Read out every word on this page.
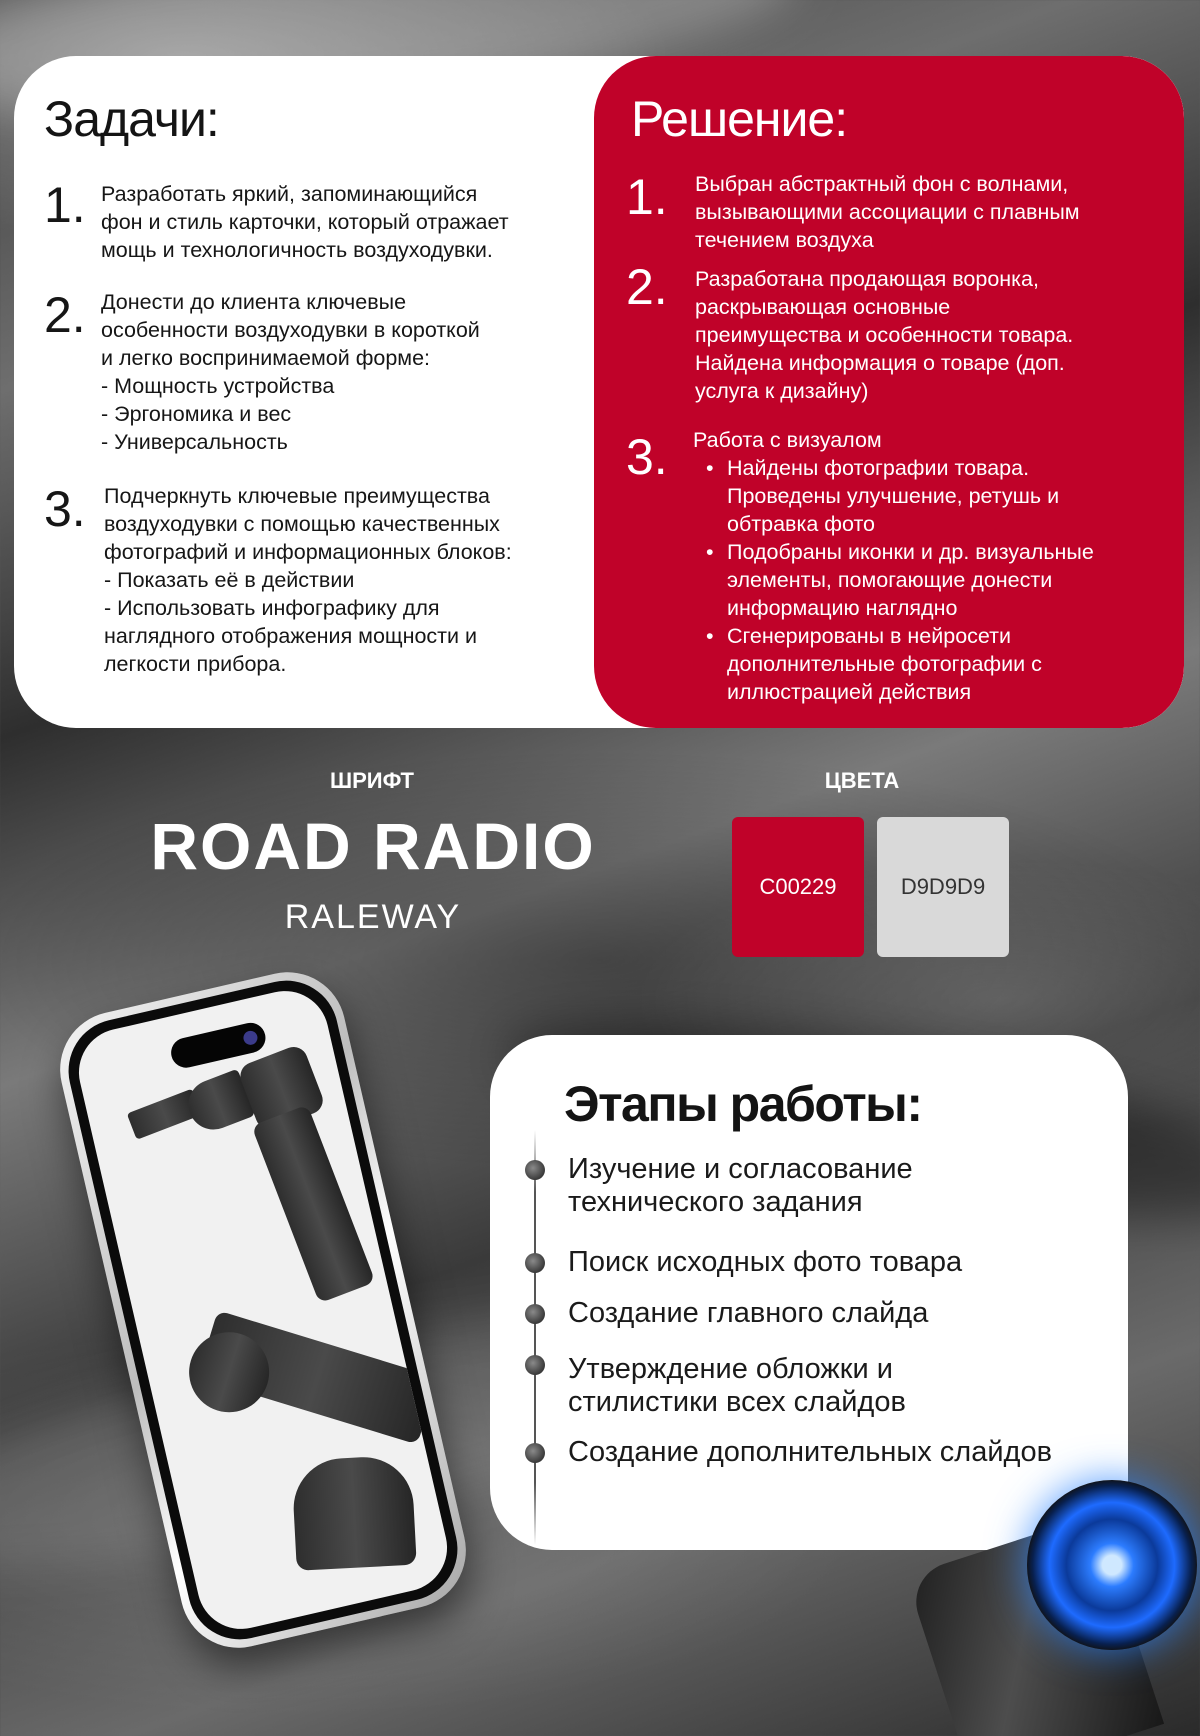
Задачи:
1. Разработать яркий, запоминающийся
фон и стиль карточки, который отражает
мощь и технологичность воздуходувки.
2. Донести до клиента ключевые
особенности воздуходувки в короткой
и легко воспринимаемой форме:
- Мощность устройства
- Эргономика и вес
- Универсальность
3. Подчеркнуть ключевые преимущества
воздуходувки с помощью качественных
фотографий и информационных блоков:
- Показать её в действии
- Использовать инфографику для
наглядного отображения мощности и
легкости прибора.
Решение:
1. Выбран абстрактный фон с волнами,
вызывающими ассоциации с плавным
течением воздуха
2. Разработана продающая воронка,
раскрывающая основные
преимущества и особенности товара.
Найдена информация о товаре (доп.
услуга к дизайну)
3. Работа с визуалом
• Найдены фотографии товара.
Проведены улучшение, ретушь и
обтравка фото
• Подобраны иконки и др. визуальные
элементы, помогающие донести
информацию наглядно
• Сгенерированы в нейросети
дополнительные фотографии с
иллюстрацией действия
ШРИФТ
ROAD RADIO
RALEWAY
ЦВЕТА
C00229	D9D9D9
Этапы работы:
Изучение и согласование
технического задания
Поиск исходных фото товара
Создание главного слайда
Утверждение обложки и
стилистики всех слайдов
Создание дополнительных слайдов
